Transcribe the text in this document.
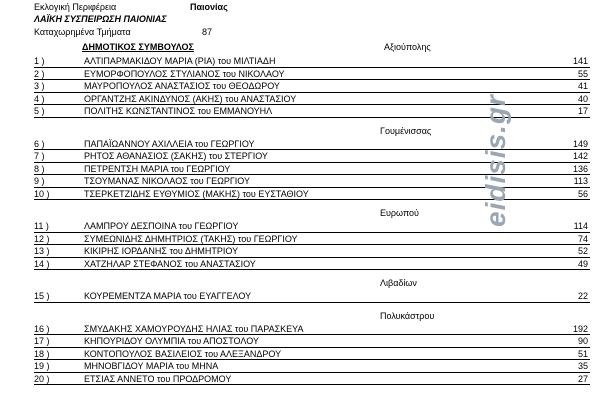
Εκλογική Περιφέρεια	Παιονίας
ΛΑΪΚΗ ΣΥΣΠΕΙΡΩΣΗ ΠΑΙΟΝΙΑΣ
Καταχωρημένα Τμήματα	87
ΔΗΜΟΤΙΚΟΣ ΣΥΜΒΟΥΛΟΣ	Αξιούπολης
1 )	ΑΛΤΙΠΑΡΜΑΚΙΔΟΥ ΜΑΡΙΑ (ΡΙΑ) του ΜΙΛΤΙΑΔΗ	141
2 )	ΕΥΜΟΡΦΟΠΟΥΛΟΣ ΣΤΥΛΙΑΝΟΣ του ΝΙΚΟΛΑΟΥ	55
3 )	ΜΑΥΡΟΠΟΥΛΟΣ ΑΝΑΣΤΑΣΙΟΣ του ΘΕΟΔΩΡΟΥ	41
4 )	ΟΡΓΑΝΤΖΗΣ ΑΚΙΝΔΥΝΟΣ (ΑΚΗΣ) του ΑΝΑΣΤΑΣΙΟΥ	40
5 )	ΠΟΛΙΤΗΣ ΚΩΝΣΤΑΝΤΙΝΟΣ του ΕΜΜΑΝΟΥΗΛ	17
Γουμένισσας
6 )	ΠΑΠΑΪΩΑΝΝΟΥ ΑΧΙΛΛΕΙΑ του ΓΕΩΡΓΙΟΥ	149
7 )	ΡΗΤΟΣ ΑΘΑΝΑΣΙΟΣ (ΣΑΚΗΣ) του ΣΤΕΡΓΙΟΥ	142
8 )	ΠΕΤΡΕΝΤΣΗ ΜΑΡΙΑ του ΓΕΩΡΓΙΟΥ	136
9 )	ΤΣΟΥΜΑΝΑΣ ΝΙΚΟΛΑΟΣ του ΓΕΩΡΓΙΟΥ	113
10 )	ΤΣΕΡΚΕΤΖΙΔΗΣ ΕΥΘΥΜΙΟΣ (ΜΑΚΗΣ) του ΕΥΣΤΑΘΙΟΥ	56
Ευρωπού
11 )	ΛΑΜΠΡΟΥ ΔΕΣΠΟΙΝΑ του ΓΕΩΡΓΙΟΥ	114
12 )	ΣΥΜΕΩΝΙΔΗΣ ΔΗΜΗΤΡΙΟΣ (ΤΑΚΗΣ) του ΓΕΩΡΓΙΟΥ	74
13 )	ΚΙΚΙΡΗΣ ΙΟΡΔΑΝΗΣ του ΔΗΜΗΤΡΙΟΥ	52
14 )	ΧΑΤΖΗΛΑΡ ΣΤΕΦΑΝΟΣ του ΑΝΑΣΤΑΣΙΟΥ	49
Λιβαδίων
15 )	ΚΟΥΡΕΜΕΝΤΖΑ ΜΑΡΙΑ του ΕΥΑΓΓΕΛΟΥ	22
Πολυκάστρου
16 )	ΣΜΥΔΑΚΗΣ ΧΑΜΟΥΡΟΥΔΗΣ ΗΛΙΑΣ του ΠΑΡΑΣΚΕΥΑ	192
17 )	ΚΗΠΟΥΡΙΔΟΥ ΟΛΥΜΠΙΑ του ΑΠΟΣΤΟΛΟΥ	90
18 )	ΚΟΝΤΟΠΟΥΛΟΣ ΒΑΣΙΛΕΙΟΣ του ΑΛΕΞΑΝΔΡΟΥ	51
19 )	ΜΗΝΟΒΓΙΔΟΥ ΜΑΡΙΑ του ΜΗΝΑ	35
20 )	ΕΤΣΙΑΣ ΑΝΝΕΤΟ του ΠΡΟΔΡΟΜΟΥ	27
eidisis.gr
